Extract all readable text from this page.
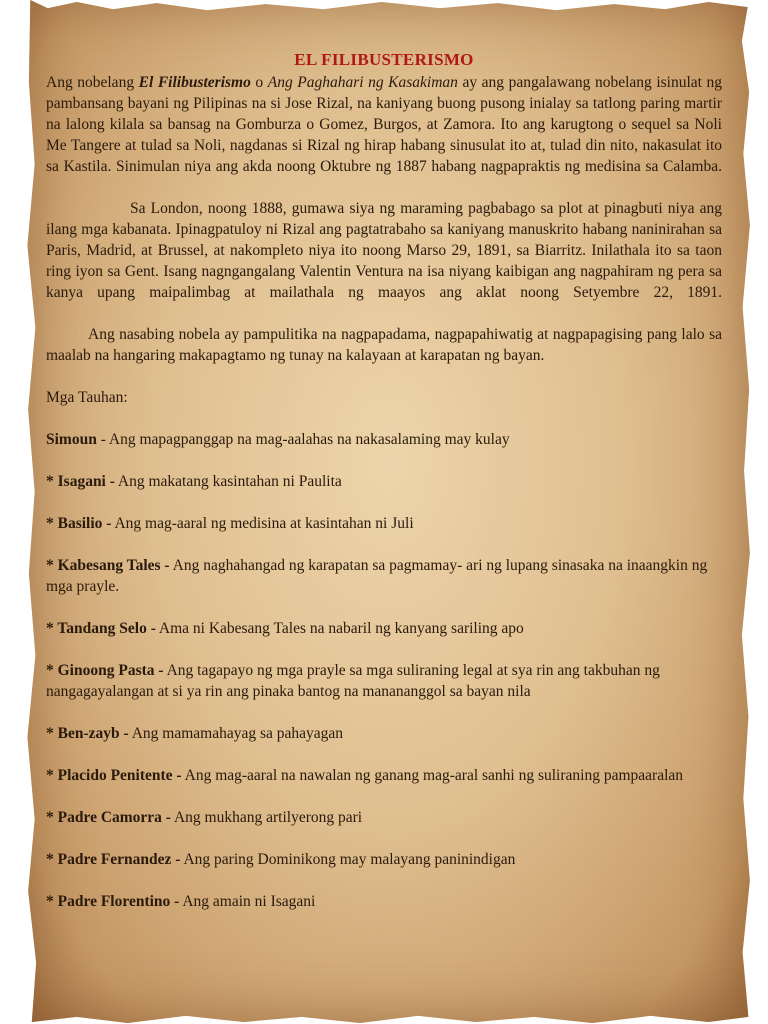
EL FILIBUSTERISMO

Ang nobelang El Filibusterismo o Ang Paghahari ng Kasakiman ay ang pangalawang nobelang isinulat ng pambansang bayani ng Pilipinas na si Jose Rizal, na kaniyang buong pusong inialay sa tatlong paring martir na lalong kilala sa bansag na Gomburza o Gomez, Burgos, at Zamora. Ito ang karugtong o sequel sa Noli Me Tangere at tulad sa Noli, nagdanas si Rizal ng hirap habang sinusulat ito at, tulad din nito, nakasulat ito sa Kastila. Sinimulan niya ang akda noong Oktubre ng 1887 habang nagpapraktis ng medisina sa Calamba.

Sa London, noong 1888, gumawa siya ng maraming pagbabago sa plot at pinagbuti niya ang ilang mga kabanata. Ipinagpatuloy ni Rizal ang pagtatrabaho sa kaniyang manuskrito habang naninirahan sa Paris, Madrid, at Brussel, at nakompleto niya ito noong Marso 29, 1891, sa Biarritz. Inilathala ito sa taon ring iyon sa Gent. Isang nagngangalang Valentin Ventura na isa niyang kaibigan ang nagpahiram ng pera sa kanya upang maipalimbag at mailathala ng maayos ang aklat noong Setyembre 22, 1891.

Ang nasabing nobela ay pampulitika na nagpapadama, nagpapahiwatig at nagpapagising pang lalo sa maalab na hangaring makapagtamo ng tunay na kalayaan at karapatan ng bayan.

Mga Tauhan:

Simoun - Ang mapagpanggap na mag-aalahas na nakasalaming may kulay

* Isagani - Ang makatang kasintahan ni Paulita

* Basilio - Ang mag-aaral ng medisina at kasintahan ni Juli

* Kabesang Tales - Ang naghahangad ng karapatan sa pagmamay- ari ng lupang sinasaka na inaangkin ng mga prayle.

* Tandang Selo - Ama ni Kabesang Tales na nabaril ng kanyang sariling apo

* Ginoong Pasta - Ang tagapayo ng mga prayle sa mga suliraning legal at sya rin ang takbuhan ng nangagayalangan at si ya rin ang pinaka bantog na manananggol sa bayan nila

* Ben-zayb - Ang mamamahayag sa pahayagan

* Placido Penitente - Ang mag-aaral na nawalan ng ganang mag-aral sanhi ng suliraning pampaaralan

* Padre Camorra - Ang mukhang artilyerong pari

* Padre Fernandez - Ang paring Dominikong may malayang paninindigan

* Padre Florentino - Ang amain ni Isagani
